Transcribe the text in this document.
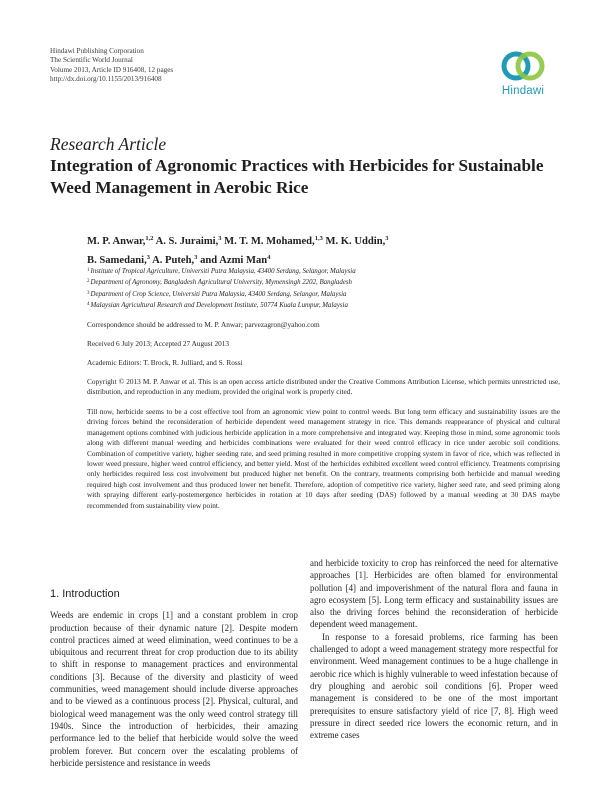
Hindawi Publishing Corporation
The Scientific World Journal
Volume 2013, Article ID 916408, 12 pages
http://dx.doi.org/10.1155/2013/916408
Hindawi
Research Article
Integration of Agronomic Practices with Herbicides for Sustainable Weed Management in Aerobic Rice
M. P. Anwar,$^{1,2}$ A. S. Juraimi,$^3$ M. T. M. Mohamed,$^{1,3}$ M. K. Uddin,$^3$
B. Samedani,$^3$ A. Puteh,$^3$ and Azmi Man$^4$
$^1$Institute of Tropical Agriculture, Universiti Putra Malaysia, 43400 Serdang, Selangor, Malaysia
$^2$Department of Agronomy, Bangladesh Agricultural University, Mymensingh 2202, Bangladesh
$^3$Department of Crop Science, Universiti Putra Malaysia, 43400 Serdang, Selangor, Malaysia
$^4$Malaysian Agricultural Research and Development Institute, 50774 Kuala Lumpur, Malaysia
Correspondence should be addressed to M. P. Anwar; parvezagron@yahoo.com
Received 6 July 2013; Accepted 27 August 2013
Academic Editors: T. Brock, R. Julliard, and S. Rossi
Copyright © 2013 M. P. Anwar et al. This is an open access article distributed under the Creative Commons Attribution License, which permits unrestricted use, distribution, and reproduction in any medium, provided the original work is properly cited.
Till now, herbicide seems to be a cost effective tool from an agronomic view point to control weeds. But long term efficacy and sustainability issues are the driving forces behind the reconsideration of herbicide dependent weed management strategy in rice. This demands reappearance of physical and cultural management options combined with judicious herbicide application in a more comprehensive and integrated way. Keeping those in mind, some agronomic tools along with different manual weeding and herbicides combinations were evaluated for their weed control efficacy in rice under aerobic soil conditions. Combination of competitive variety, higher seeding rate, and seed priming resulted in more competitive cropping system in favor of rice, which was reflected in lower weed pressure, higher weed control efficiency, and better yield. Most of the herbicides exhibited excellent weed control efficiency. Treatments comprising only herbicides required less cost involvement but produced higher net benefit. On the contrary, treatments comprising both herbicide and manual weeding required high cost involvement and thus produced lower net benefit. Therefore, adoption of competitive rice variety, higher seed rate, and seed priming along with spraying different early-postemergence herbicides in rotation at 10 days after seeding (DAS) followed by a manual weeding at 30 DAS maybe recommended from sustainability view point.
1. Introduction

Weeds are endemic in crops [1] and a constant problem in crop production because of their dynamic nature [2]. Despite modern control practices aimed at weed elimination, weed continues to be a ubiquitous and recurrent threat for crop production due to its ability to shift in response to management practices and environmental conditions [3]. Because of the diversity and plasticity of weed communities, weed management should include diverse approaches and to be viewed as a continuous process [2]. Physical, cultural, and biological weed management was the only weed control strategy till 1940s. Since the introduction of herbicides, their amazing performance led to the belief that herbicide would solve the weed problem forever. But concern over the escalating problems of herbicide persistence and resistance in weeds

and herbicide toxicity to crop has reinforced the need for alternative approaches [1]. Herbicides are often blamed for environmental pollution [4] and impoverishment of the natural flora and fauna in agro ecosystem [5]. Long term efficacy and sustainability issues are also the driving forces behind the reconsideration of herbicide dependent weed management.

In response to a foresaid problems, rice farming has been challenged to adopt a weed management strategy more respectful for environment. Weed management continues to be a huge challenge in aerobic rice which is highly vulnerable to weed infestation because of dry ploughing and aerobic soil conditions [6]. Proper weed management is considered to be one of the most important prerequisites to ensure satisfactory yield of rice [7, 8]. High weed pressure in direct seeded rice lowers the economic return, and in extreme cases
